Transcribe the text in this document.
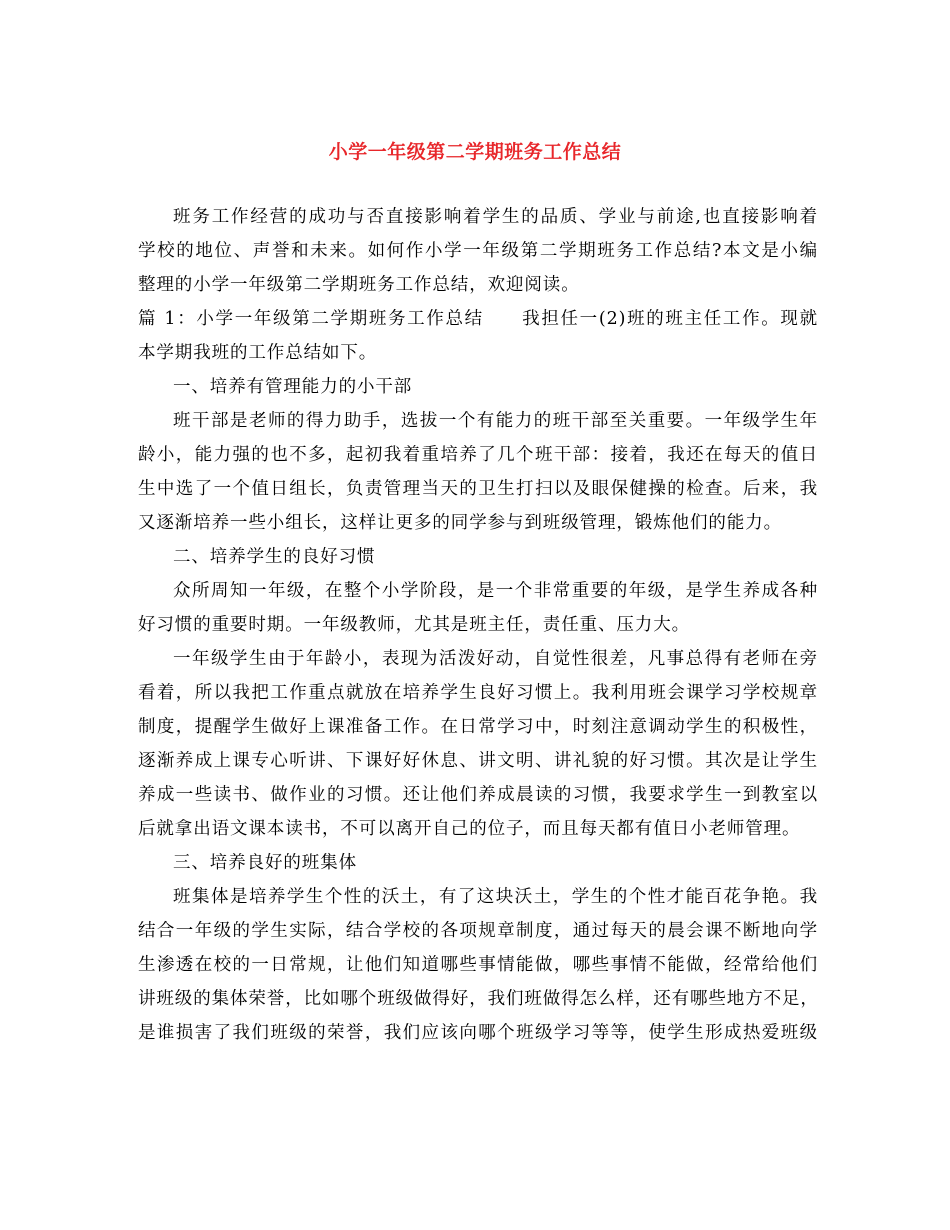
小学一年级第二学期班务工作总结
班务工作经营的成功与否直接影响着学生的品质、学业与前途,也直接影响着
学校的地位、声誉和未来。如何作小学一年级第二学期班务工作总结?本文是小编
整理的小学一年级第二学期班务工作总结，欢迎阅读。
篇 1：小学一年级第二学期班务工作总结　　我担任一(2)班的班主任工作。现就
本学期我班的工作总结如下。
一、培养有管理能力的小干部
班干部是老师的得力助手，选拔一个有能力的班干部至关重要。一年级学生年
龄小，能力强的也不多，起初我着重培养了几个班干部：接着，我还在每天的值日
生中选了一个值日组长，负责管理当天的卫生打扫以及眼保健操的检查。后来，我
又逐渐培养一些小组长，这样让更多的同学参与到班级管理，锻炼他们的能力。
二、培养学生的良好习惯
众所周知一年级，在整个小学阶段，是一个非常重要的年级，是学生养成各种
好习惯的重要时期。一年级教师，尤其是班主任，责任重、压力大。
一年级学生由于年龄小，表现为活泼好动，自觉性很差，凡事总得有老师在旁
看着，所以我把工作重点就放在培养学生良好习惯上。我利用班会课学习学校规章
制度，提醒学生做好上课准备工作。在日常学习中，时刻注意调动学生的积极性，
逐渐养成上课专心听讲、下课好好休息、讲文明、讲礼貌的好习惯。其次是让学生
养成一些读书、做作业的习惯。还让他们养成晨读的习惯，我要求学生一到教室以
后就拿出语文课本读书，不可以离开自己的位子，而且每天都有值日小老师管理。
三、培养良好的班集体
班集体是培养学生个性的沃土，有了这块沃土，学生的个性才能百花争艳。我
结合一年级的学生实际，结合学校的各项规章制度，通过每天的晨会课不断地向学
生渗透在校的一日常规，让他们知道哪些事情能做，哪些事情不能做，经常给他们
讲班级的集体荣誉，比如哪个班级做得好，我们班做得怎么样，还有哪些地方不足，
是谁损害了我们班级的荣誉，我们应该向哪个班级学习等等，使学生形成热爱班级
